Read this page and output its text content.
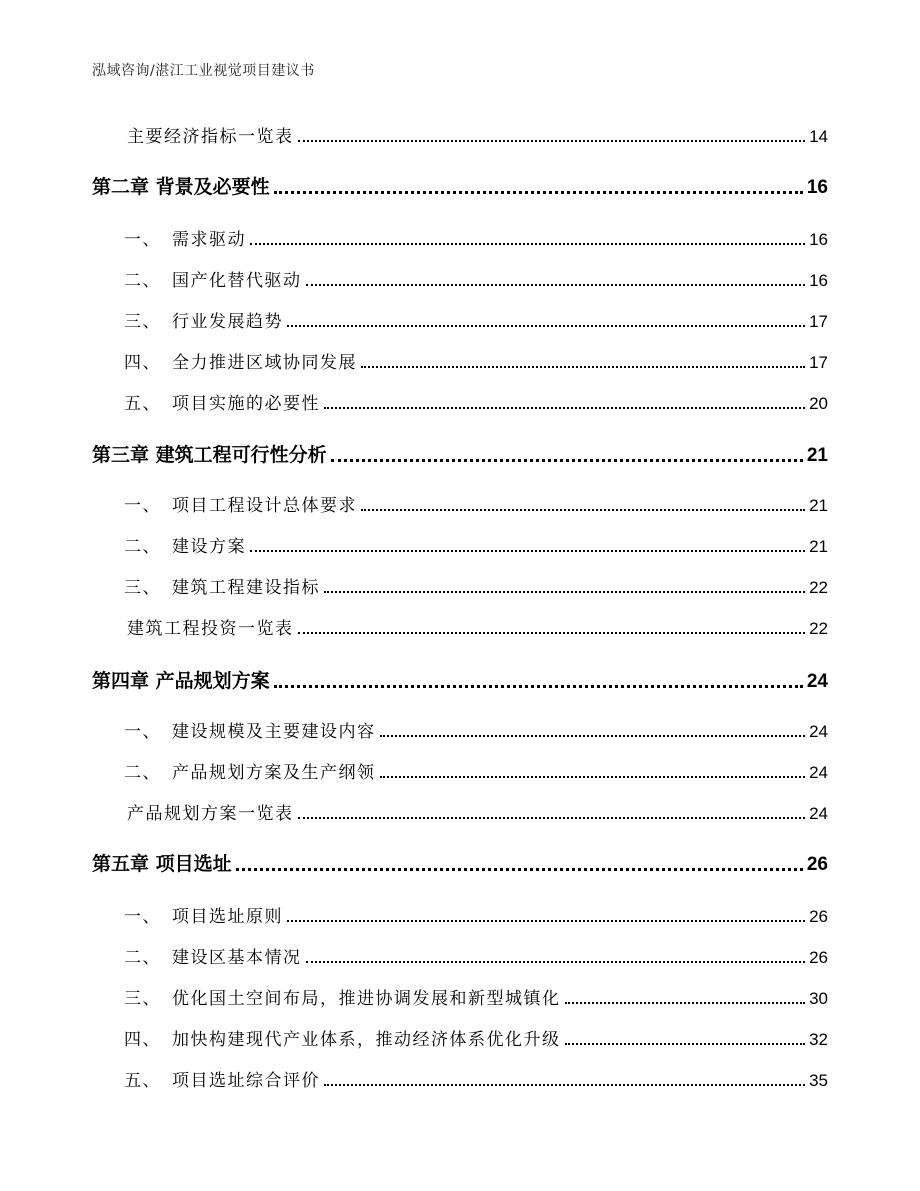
泓域咨询/湛江工业视觉项目建议书
主要经济指标一览表	14
第二章 背景及必要性	16
一、 需求驱动	16
二、 国产化替代驱动	16
三、 行业发展趋势	17
四、 全力推进区域协同发展	17
五、 项目实施的必要性	20
第三章 建筑工程可行性分析	21
一、 项目工程设计总体要求	21
二、 建设方案	21
三、 建筑工程建设指标	22
建筑工程投资一览表	22
第四章 产品规划方案	24
一、 建设规模及主要建设内容	24
二、 产品规划方案及生产纲领	24
产品规划方案一览表	24
第五章 项目选址	26
一、 项目选址原则	26
二、 建设区基本情况	26
三、 优化国土空间布局，推进协调发展和新型城镇化	30
四、 加快构建现代产业体系，推动经济体系优化升级	32
五、 项目选址综合评价	35
